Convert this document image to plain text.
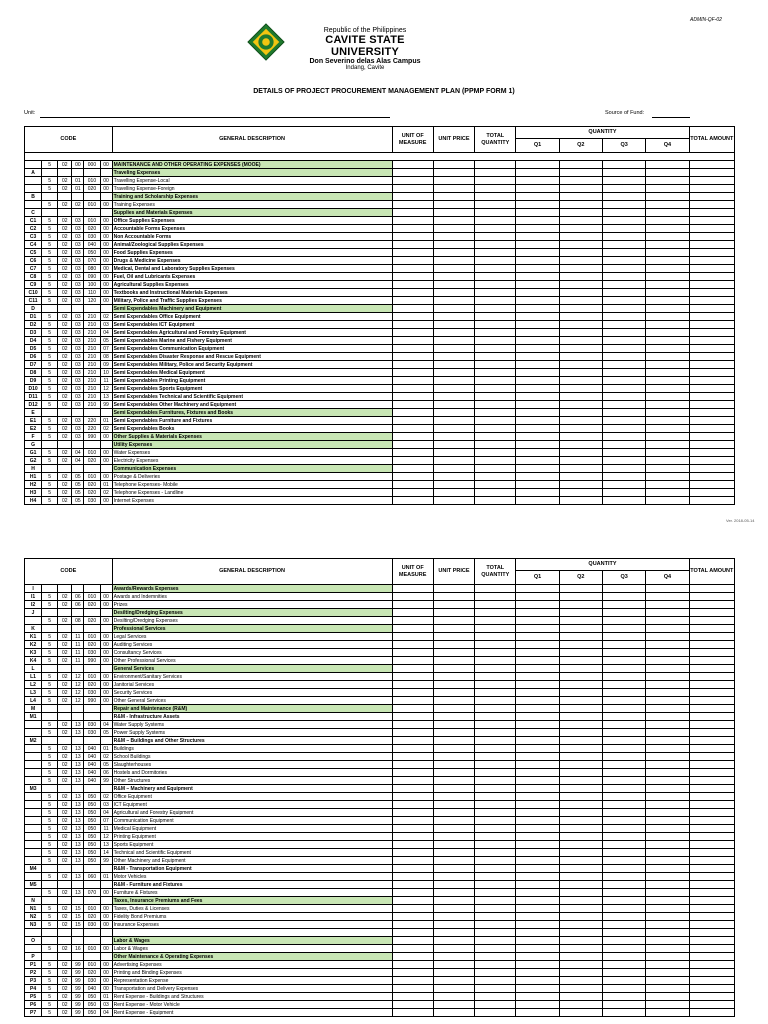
ADMIN-QF-02
Republic of the Philippines
CAVITE STATE UNIVERSITY
Don Severino delas Alas Campus
Indang, Cavite
DETAILS OF PROJECT PROCUREMENT MANAGEMENT PLAN (PPMP FORM 1)
Unit:	Source of Fund:
CODE						GENERAL DESCRIPTION	UNIT OF MEASURE	UNIT PRICE	TOTAL QUANTITY	QUANTITY				TOTAL AMOUNT
										Q1	Q2	Q3	Q4	

	5	02	00	000	00	MAINTENANCE AND OTHER OPERATING EXPENSES (MOOE)								
A						Traveling Expenses								
	5	02	01	010	00	Travelling Expense-Local								
	5	02	01	020	00	Travelling Expense-Foreign								
B						Training and Scholarship Expenses								
	5	02	02	010	00	Training Expenses								
C						Supplies and Materials Expenses								
C1	5	02	03	010	00	Office Supplies Expenses								
C2	5	02	03	020	00	Accountable Forms Expenses								
C3	5	02	03	030	00	Non Accountable Forms								
C4	5	02	03	040	00	Animal/Zoological Supplies Expenses								
C5	5	02	03	050	00	Food Supplies Expenses								
C6	5	02	03	070	00	Drugs & Medicine Expenses								
C7	5	02	03	080	00	Medical, Dental and Laboratory Supplies Expenses								
C8	5	02	03	090	00	Fuel, Oil and Lubricants Expenses								
C9	5	02	03	100	00	Agricultural Supplies Expenses								
C10	5	02	03	110	00	Textbooks and Instructional Materials Expenses								
C11	5	02	03	120	00	Military, Police and Traffic Supplies Expenses								
D						Semi Expendables Machinery and Equipment								
D1	5	02	03	210	02	Semi Expendables Office Equipment								
D2	5	02	03	210	03	Semi Expendables ICT Equipment								
D3	5	02	03	210	04	Semi Expendables Agricultural and Forestry Equipment								
D4	5	02	03	210	05	Semi Expendables Marine and Fishery Equipment								
D5	5	02	03	210	07	Semi Expendables Communication Equipment								
D6	5	02	03	210	08	Semi Expendables Disaster Response and Rescue Equipment								
D7	5	02	03	210	09	Semi Expendables Military, Police and Security Equipment								
D8	5	02	03	210	10	Semi Expendables Medical Equipment								
D9	5	02	03	210	11	Semi Expendables Printing Equipment								
D10	5	02	03	210	12	Semi Expendables Sports Equipment								
D11	5	02	03	210	13	Semi Expendables Technical and Scientific Equipment								
D12	5	02	03	210	99	Semi Expendables Other Machinery and Equipment								
E						Semi Expendables Furnitures, Fixtures and Books								
E1	5	02	03	220	01	Semi Expendables Furniture and Fixtures								
E2	5	02	03	220	02	Semi Expendables Books								
F	5	02	03	990	00	Other Supplies & Materials Expenses								
G						Utility Expenses								
G1	5	02	04	010	00	Water Expenses								
G2	5	02	04	020	00	Electricity Expenses								
H						Communication Expenses								
H1	5	02	05	010	00	Postage & Deliveries								
H2	5	02	05	020	01	Telephone Expenses- Mobile								
H3	5	02	05	020	02	Telephone Expenses - Landline								
H4	5	02	05	030	00	Internet Expenses								
Ver. 2018-05-14
CODE						GENERAL DESCRIPTION	UNIT OF MEASURE	UNIT PRICE	TOTAL QUANTITY	QUANTITY				TOTAL AMOUNT
										Q1	Q2	Q3	Q4	
I						Awards/Rewards Expenses								
I1	5	02	06	010	00	Awards and Indemnities								
I2	5	02	06	020	00	Prizes								
J						Desilting/Dredging Expenses								
	5	02	08	020	00	Desilting/Dredging Expenses								
K						Professional Services								
K1	5	02	11	010	00	Legal Services								
K2	5	02	11	020	00	Auditing Services								
K3	5	02	11	030	00	Consultancy Services								
K4	5	02	11	990	00	Other Professional Services								
L						General Services								
L1	5	02	12	010	00	Environment/Sanitary Services								
L2	5	02	12	020	00	Janitorial Services								
L3	5	02	12	030	00	Security Services								
L4	5	02	12	990	00	Other General Services								
M						Repair and Maintenance (R&M)								
M1						R&M - Infrastructure Assets								
	5	02	13	030	04	Water Supply Systems								
	5	02	13	030	05	Power Supply Systems								
M2						R&M – Buildings and Other Structures								
	5	02	13	040	01	Buildings								
	5	02	13	040	02	School Buildings								
	5	02	13	040	05	Slaughterhouses								
	5	02	13	040	06	Hostels and Dormitories								
	5	02	13	040	99	Other Structures								
M3						R&M – Machinery and Equipment								
	5	02	13	050	02	Office Equipment								
	5	02	13	050	03	ICT Equipment								
	5	02	13	050	04	Agricultural and Forestry Equipment								
	5	02	13	050	07	Communication Equipment								
	5	02	13	050	11	Medical Equipment								
	5	02	13	050	12	Printing Equipment								
	5	02	13	050	13	Sports Equipment								
	5	02	13	050	14	Technical and Scientific Equipment								
	5	02	13	050	99	Other Machinery and Equipment								
M4						R&M - Transportation Equipment								
	5	02	13	060	01	Motor Vehicles								
M5						R&M - Furniture and Fixtures								
	5	02	13	070	00	Furniture & Fixtures								
N						Taxes, Insurance Premiums and Fees								
N1	5	02	15	010	00	Taxes, Duties & Licenses								
N2	5	02	15	020	00	Fidelity Bond Premiums								
N3	5	02	15	030	00	Insurance Expenses								

O						Labor & Wages								
	5	02	16	010	00	Labor & Wages								
P						Other Maintenance & Operating Expenses								
P1	5	02	99	010	00	Advertising Expenses								
P2	5	02	99	020	00	Printing and Binding Expenses								
P3	5	02	99	030	00	Representation Expense								
P4	5	02	99	040	00	Transportation and Delivery Expenses								
P5	5	02	99	050	01	Rent Expense - Buildings and Structures								
P6	5	02	99	050	03	Rent Expense - Motor Vehicle								
P7	5	02	99	050	04	Rent Expense - Equipment								
